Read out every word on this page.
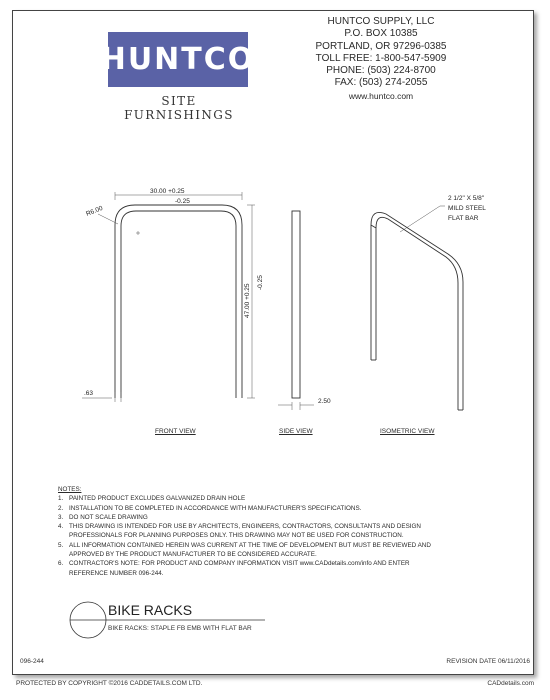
HUNTCO
SITE FURNISHINGS
HUNTCO SUPPLY, LLC
P.O. BOX 10385
PORTLAND, OR 97296-0385
TOLL FREE: 1-800-547-5909
PHONE: (503) 224-8700
FAX: (503) 274-2055
www.huntco.com
30.00 +0.25
-0.25
R6.00
47.00 +0.25
-0.25
.63
2.50
2 1/2" X 5/8"
MILD STEEL
FLAT BAR
FRONT VIEW	SIDE VIEW	ISOMETRIC VIEW
NOTES:
1. PAINTED PRODUCT EXCLUDES GALVANIZED DRAIN HOLE
2. INSTALLATION TO BE COMPLETED IN ACCORDANCE WITH MANUFACTURER'S SPECIFICATIONS.
3. DO NOT SCALE DRAWING
4. THIS DRAWING IS INTENDED FOR USE BY ARCHITECTS, ENGINEERS, CONTRACTORS, CONSULTANTS AND DESIGN
PROFESSIONALS FOR PLANNING PURPOSES ONLY. THIS DRAWING MAY NOT BE USED FOR CONSTRUCTION.
5. ALL INFORMATION CONTAINED HEREIN WAS CURRENT AT THE TIME OF DEVELOPMENT BUT MUST BE REVIEWED AND
APPROVED BY THE PRODUCT MANUFACTURER TO BE CONSIDERED ACCURATE.
6. CONTRACTOR'S NOTE: FOR PRODUCT AND COMPANY INFORMATION VISIT www.CADdetails.com/info AND ENTER
REFERENCE NUMBER 096-244.
BIKE RACKS
BIKE RACKS: STAPLE FB EMB WITH FLAT BAR
096-244	REVISION DATE 06/11/2016
PROTECTED BY COPYRIGHT ©2016 CADDETAILS.COM LTD.	CADdetails.com
